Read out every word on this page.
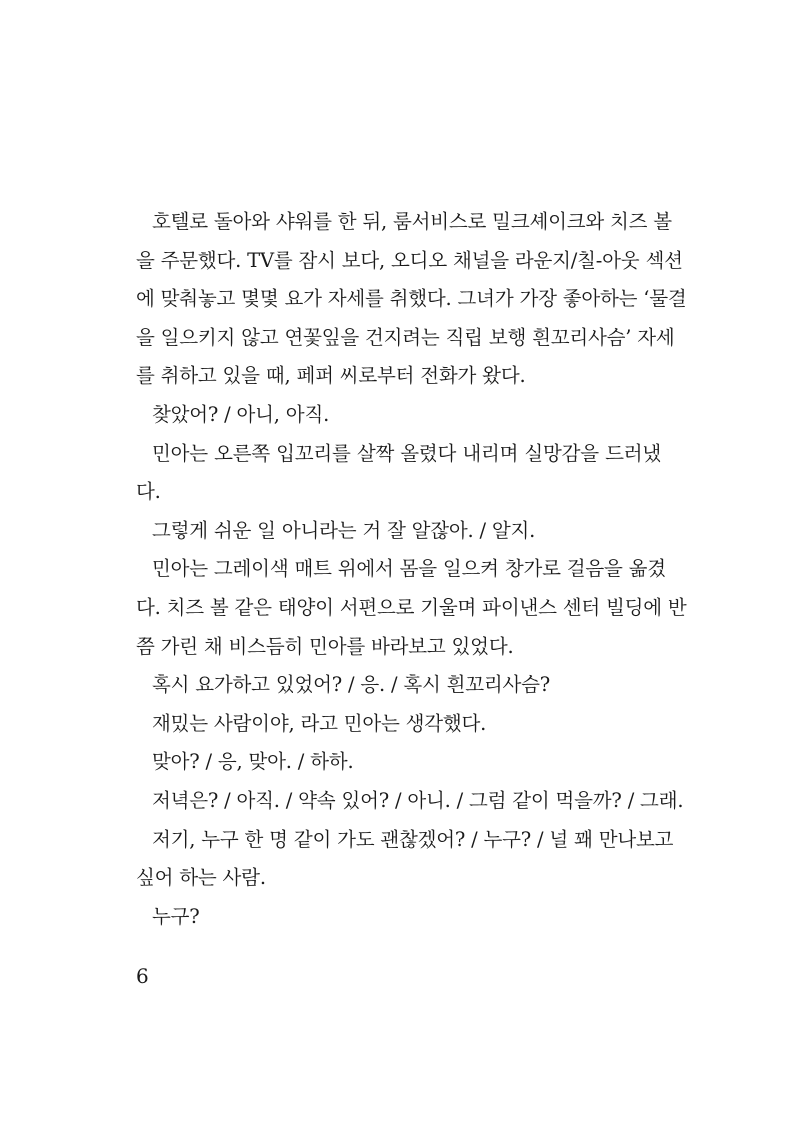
호텔로 돌아와 샤워를 한 뒤, 룸서비스로 밀크셰이크와 치즈 볼
을 주문했다. TV를 잠시 보다, 오디오 채널을 라운지/칠-아웃 섹션
에 맞춰놓고 몇몇 요가 자세를 취했다. 그녀가 가장 좋아하는 ‘물결
을 일으키지 않고 연꽃잎을 건지려는 직립 보행 흰꼬리사슴’ 자세
를 취하고 있을 때, 페퍼 씨로부터 전화가 왔다.
찾았어? / 아니, 아직.
민아는 오른쪽 입꼬리를 살짝 올렸다 내리며 실망감을 드러냈
다.
그렇게 쉬운 일 아니라는 거 잘 알잖아. / 알지.
민아는 그레이색 매트 위에서 몸을 일으켜 창가로 걸음을 옮겼
다. 치즈 볼 같은 태양이 서편으로 기울며 파이낸스 센터 빌딩에 반
쯤 가린 채 비스듬히 민아를 바라보고 있었다.
혹시 요가하고 있었어? / 응. / 혹시 흰꼬리사슴?
재밌는 사람이야, 라고 민아는 생각했다.
맞아? / 응, 맞아. / 하하.
저녁은? / 아직. / 약속 있어? / 아니. / 그럼 같이 먹을까? / 그래.
저기, 누구 한 명 같이 가도 괜찮겠어? / 누구? / 널 꽤 만나보고
싶어 하는 사람.
누구?
6
